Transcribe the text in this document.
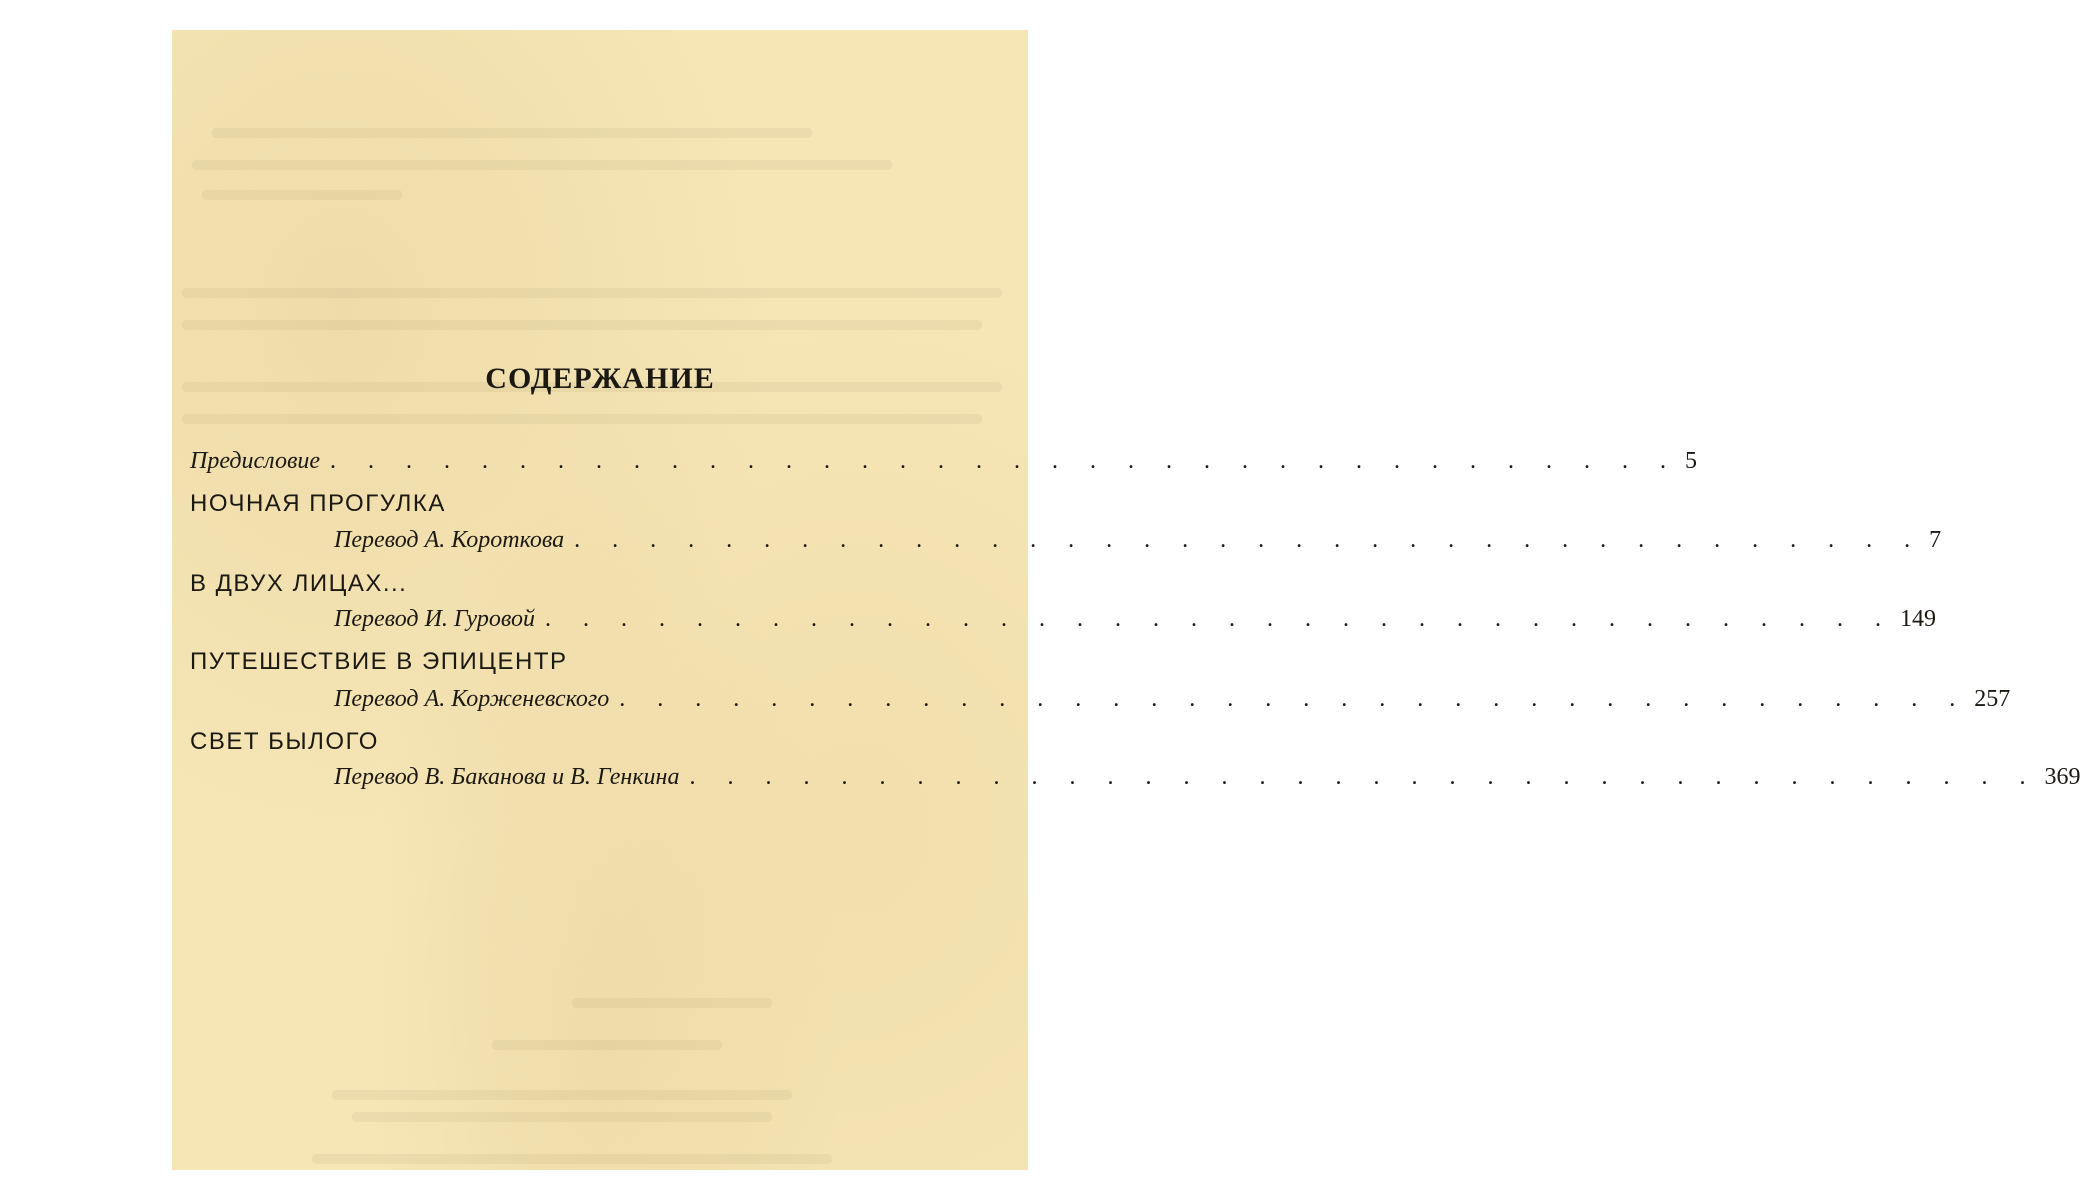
СОДЕРЖАНИЕ
Предисловие . . . . . . . . . . . . . . . . . . . . . . . . . . . . . . . . . . . . 5
НОЧНАЯ ПРОГУЛКА
Перевод А. Короткова . . . . . . . . . . . . . . . . . . . . . . . . . . . . . . . . . . . . 7
В ДВУХ ЛИЦАХ...
Перевод И. Гуровой . . . . . . . . . . . . . . . . . . . . . . . . . . . . . . . . . . . . 149
ПУТЕШЕСТВИЕ В ЭПИЦЕНТР
Перевод А. Корженевского . . . . . . . . . . . . . . . . . . . . . . . . . . . . . . . . . . . . 257
СВЕТ БЫЛОГО
Перевод В. Баканова и В. Генкина . . . . . . . . . . . . . . . . . . . . . . . . . . . . . . . . . . . . 369
